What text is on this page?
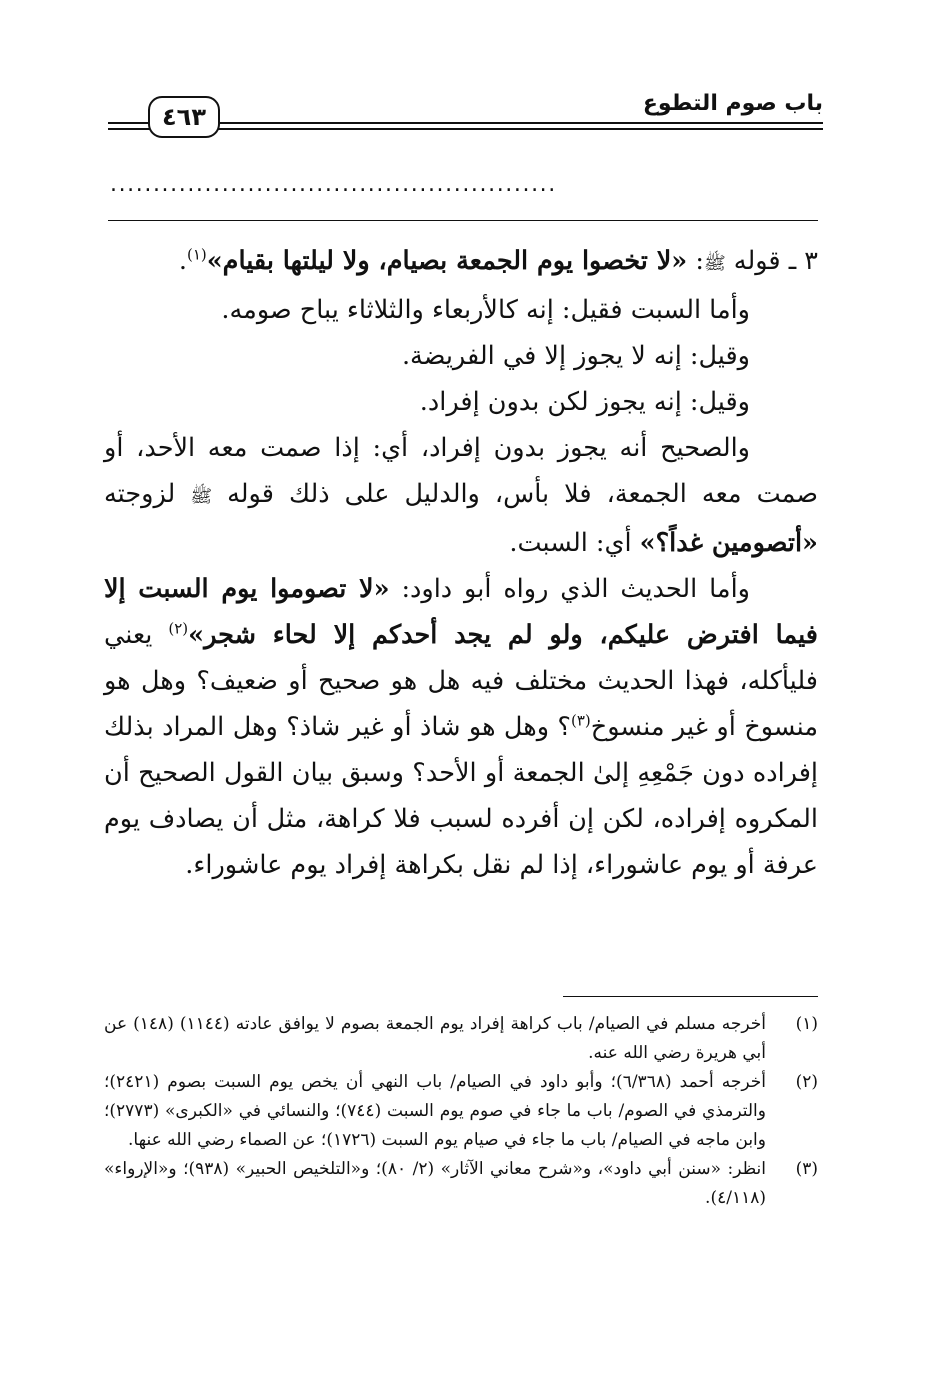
٤٦٣	باب صوم التطوع
....................................................

٣ ـ قوله ﷺ: «لا تخصوا يوم الجمعة بصيام، ولا ليلتها بقيام»$^{(١)}$.

وأما السبت فقيل: إنه كالأربعاء والثلاثاء يباح صومه.

وقيل: إنه لا يجوز إلا في الفريضة.

وقيل: إنه يجوز لكن بدون إفراد.

والصحيح أنه يجوز بدون إفراد، أي: إذا صمت معه الأحد، أو صمت معه الجمعة، فلا بأس، والدليل على ذلك قوله ﷺ لزوجته «أتصومين غداً؟» أي: السبت.

وأما الحديث الذي رواه أبو داود: «لا تصوموا يوم السبت إلا فيما افترض عليكم، ولو لم يجد أحدكم إلا لحاء شجر»$^{(٢)}$ يعني فليأكله، فهذا الحديث مختلف فيه هل هو صحيح أو ضعيف؟ وهل هو منسوخ أو غير منسوخ$^{(٣)}$؟ وهل هو شاذ أو غير شاذ؟ وهل المراد بذلك إفراده دون جَمْعِهِ إلىٰ الجمعة أو الأحد؟ وسبق بيان القول الصحيح أن المكروه إفراده، لكن إن أفرده لسبب فلا كراهة، مثل أن يصادف يوم عرفة أو يوم عاشوراء، إذا لم نقل بكراهة إفراد يوم عاشوراء.

(١)
أخرجه مسلم في الصيام/ باب كراهة إفراد يوم الجمعة بصوم لا يوافق عادته (١١٤٤) (١٤٨) عن أبي هريرة رضي الله عنه.
(٢)
أخرجه أحمد (٦/٣٦٨)؛ وأبو داود في الصيام/ باب النهي أن يخص يوم السبت بصوم (٢٤٢١)؛ والترمذي في الصوم/ باب ما جاء في صوم يوم السبت (٧٤٤)؛ والنسائي في «الكبرى» (٢٧٧٣)؛ وابن ماجه في الصيام/ باب ما جاء في صيام يوم السبت (١٧٢٦)؛ عن الصماء رضي الله عنها.
(٣)
انظر: «سنن أبي داود»، و«شرح معاني الآثار» (٢/ ٨٠)؛ و«التلخيص الحبير» (٩٣٨)؛ و«الإرواء» (٤/١١٨).
